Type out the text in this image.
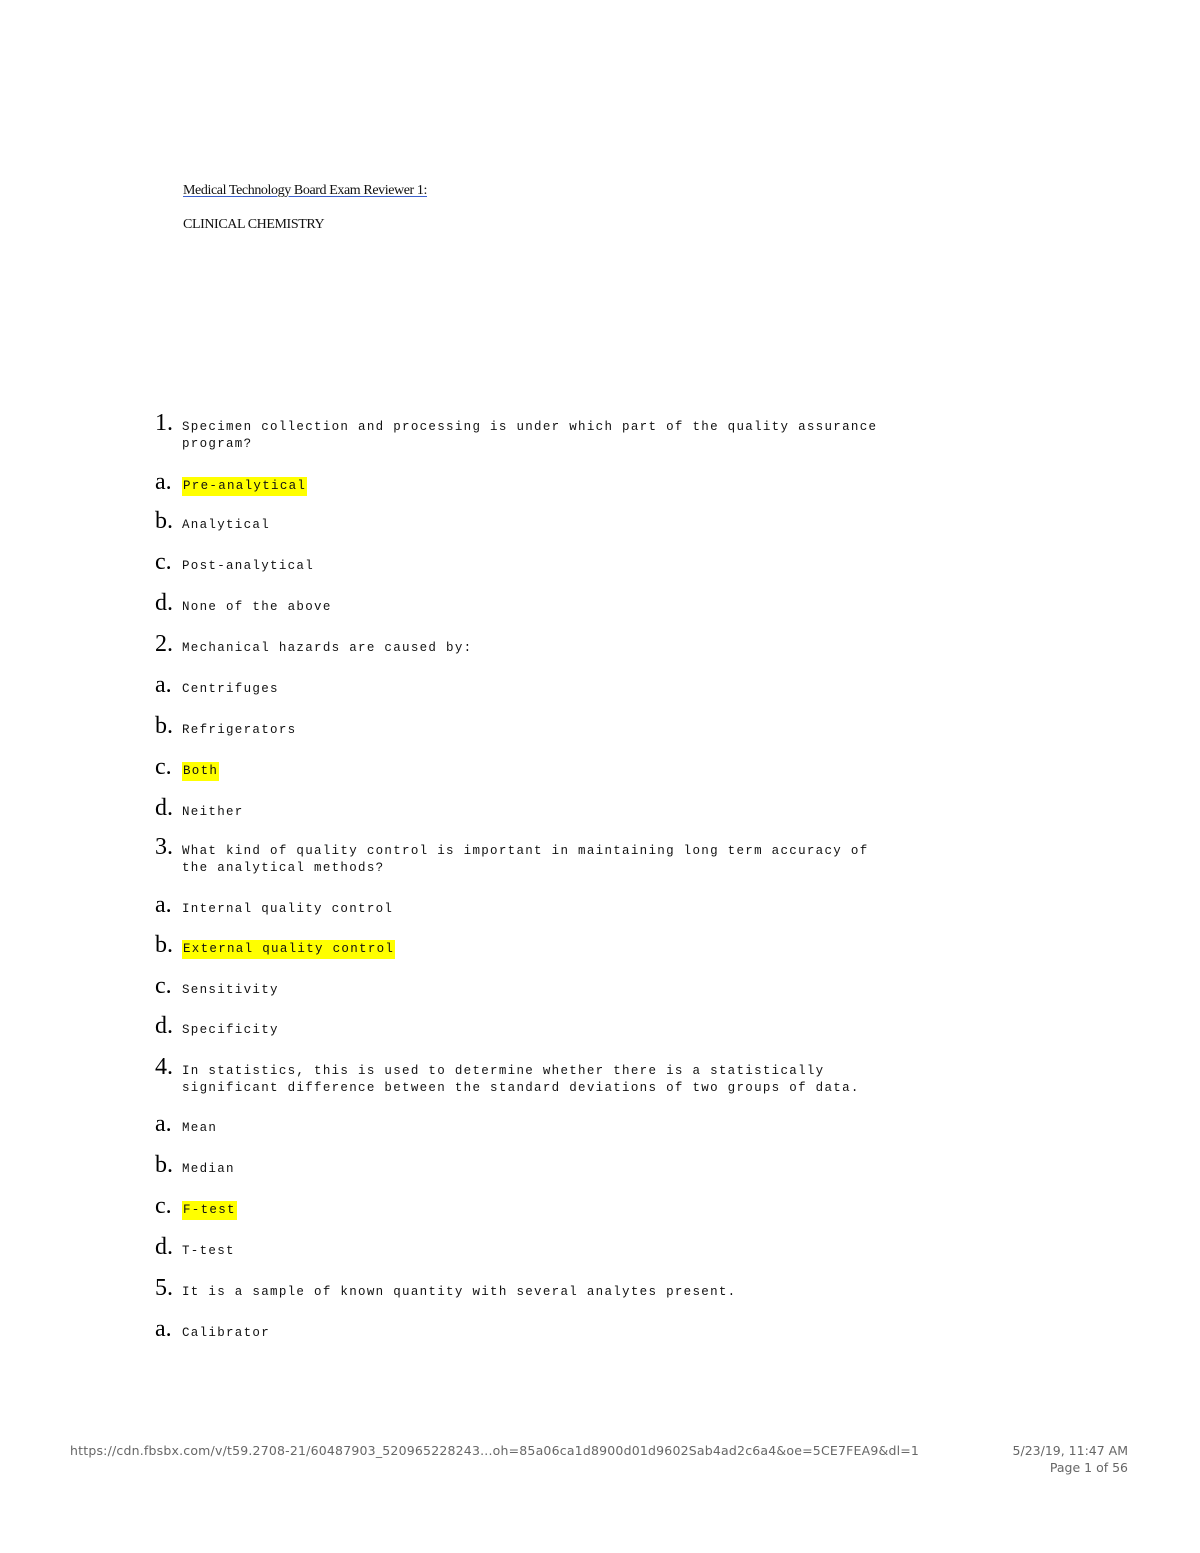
Medical Technology Board Exam Reviewer 1:
CLINICAL CHEMISTRY
1. Specimen collection and processing is under which part of the quality assurance program?
a. Pre-analytical
b. Analytical
c. Post-analytical
d. None of the above
2. Mechanical hazards are caused by:
a. Centrifuges
b. Refrigerators
c. Both
d. Neither
3. What kind of quality control is important in maintaining long term accuracy of the analytical methods?
a. Internal quality control
b. External quality control
c. Sensitivity
d. Specificity
4. In statistics, this is used to determine whether there is a statistically significant difference between the standard deviations of two groups of data.
a. Mean
b. Median
c. F-test
d. T-test
5. It is a sample of known quantity with several analytes present.
a. Calibrator
https://cdn.fbsbx.com/v/t59.2708-21/60487903_520965228243...oh=85a06ca1d8900d01d9602Sab4ad2c6a4&oe=5CE7FEA9&dl=1	5/23/19, 11:47 AM
Page 1 of 56
